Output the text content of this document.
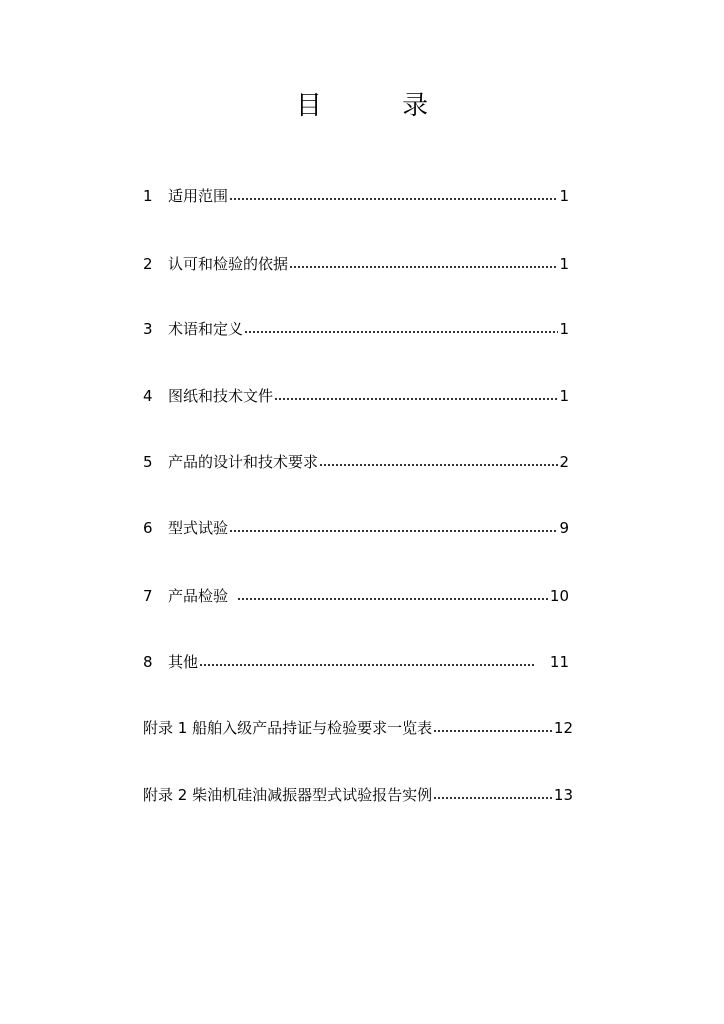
目 录
1	适用范围	1
2	认可和检验的依据	1
3	术语和定义	1
4	图纸和技术文件	1
5	产品的设计和技术要求	2
6	型式试验	9
7	产品检验	10
8	其他	11
附录 1 船舶入级产品持证与检验要求一览表	12
附录 2 柴油机硅油减振器型式试验报告实例	13
